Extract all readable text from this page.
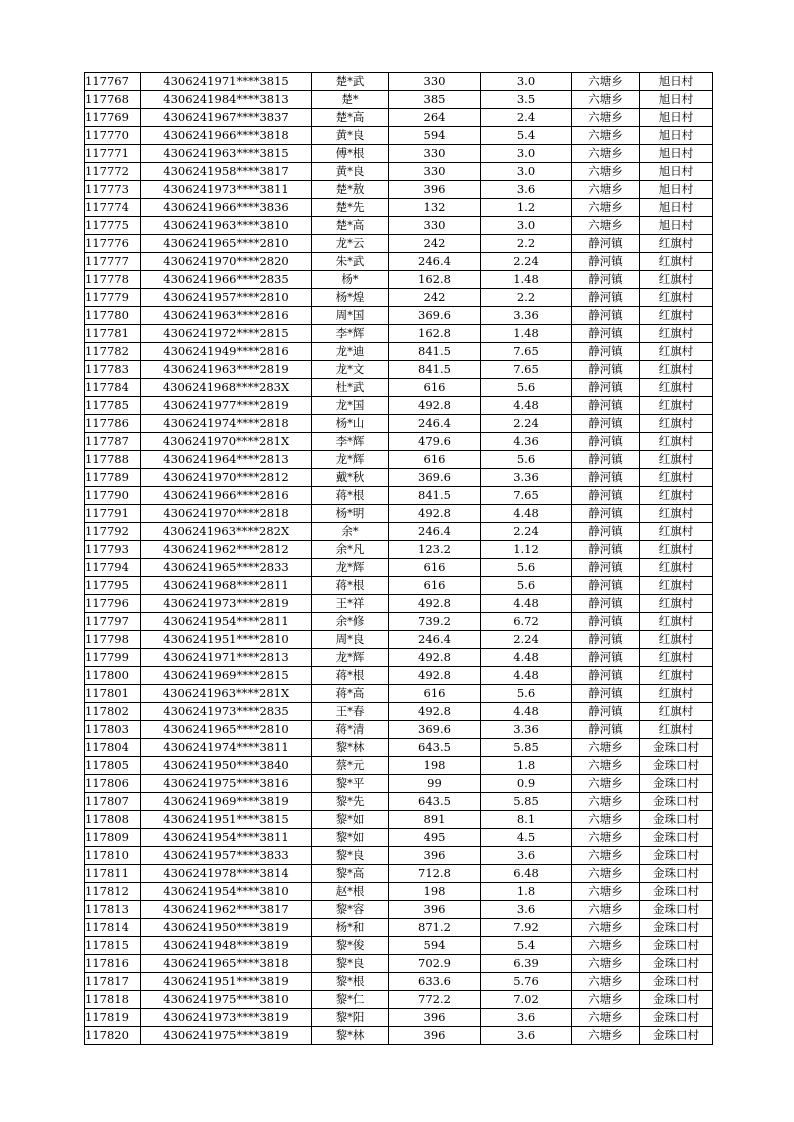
117767	4306241971****3815	楚*武	330	3.0	六塘乡	旭日村
117768	4306241984****3813	楚*	385	3.5	六塘乡	旭日村
117769	4306241967****3837	楚*高	264	2.4	六塘乡	旭日村
117770	4306241966****3818	黄*良	594	5.4	六塘乡	旭日村
117771	4306241963****3815	傅*根	330	3.0	六塘乡	旭日村
117772	4306241958****3817	黄*良	330	3.0	六塘乡	旭日村
117773	4306241973****3811	楚*敖	396	3.6	六塘乡	旭日村
117774	4306241966****3836	楚*先	132	1.2	六塘乡	旭日村
117775	4306241963****3810	楚*高	330	3.0	六塘乡	旭日村
117776	4306241965****2810	龙*云	242	2.2	静河镇	红旗村
117777	4306241970****2820	朱*武	246.4	2.24	静河镇	红旗村
117778	4306241966****2835	杨*	162.8	1.48	静河镇	红旗村
117779	4306241957****2810	杨*煌	242	2.2	静河镇	红旗村
117780	4306241963****2816	周*国	369.6	3.36	静河镇	红旗村
117781	4306241972****2815	李*辉	162.8	1.48	静河镇	红旗村
117782	4306241949****2816	龙*迪	841.5	7.65	静河镇	红旗村
117783	4306241963****2819	龙*文	841.5	7.65	静河镇	红旗村
117784	4306241968****283X	杜*武	616	5.6	静河镇	红旗村
117785	4306241977****2819	龙*国	492.8	4.48	静河镇	红旗村
117786	4306241974****2818	杨*山	246.4	2.24	静河镇	红旗村
117787	4306241970****281X	李*辉	479.6	4.36	静河镇	红旗村
117788	4306241964****2813	龙*辉	616	5.6	静河镇	红旗村
117789	4306241970****2812	戴*秋	369.6	3.36	静河镇	红旗村
117790	4306241966****2816	蒋*根	841.5	7.65	静河镇	红旗村
117791	4306241970****2818	杨*明	492.8	4.48	静河镇	红旗村
117792	4306241963****282X	余*	246.4	2.24	静河镇	红旗村
117793	4306241962****2812	余*凡	123.2	1.12	静河镇	红旗村
117794	4306241965****2833	龙*辉	616	5.6	静河镇	红旗村
117795	4306241968****2811	蒋*根	616	5.6	静河镇	红旗村
117796	4306241973****2819	王*祥	492.8	4.48	静河镇	红旗村
117797	4306241954****2811	余*修	739.2	6.72	静河镇	红旗村
117798	4306241951****2810	周*良	246.4	2.24	静河镇	红旗村
117799	4306241971****2813	龙*辉	492.8	4.48	静河镇	红旗村
117800	4306241969****2815	蒋*根	492.8	4.48	静河镇	红旗村
117801	4306241963****281X	蒋*高	616	5.6	静河镇	红旗村
117802	4306241973****2835	王*春	492.8	4.48	静河镇	红旗村
117803	4306241965****2810	蒋*清	369.6	3.36	静河镇	红旗村
117804	4306241974****3811	黎*林	643.5	5.85	六塘乡	金珠口村
117805	4306241950****3840	蔡*元	198	1.8	六塘乡	金珠口村
117806	4306241975****3816	黎*平	99	0.9	六塘乡	金珠口村
117807	4306241969****3819	黎*先	643.5	5.85	六塘乡	金珠口村
117808	4306241951****3815	黎*如	891	8.1	六塘乡	金珠口村
117809	4306241954****3811	黎*如	495	4.5	六塘乡	金珠口村
117810	4306241957****3833	黎*良	396	3.6	六塘乡	金珠口村
117811	4306241978****3814	黎*高	712.8	6.48	六塘乡	金珠口村
117812	4306241954****3810	赵*根	198	1.8	六塘乡	金珠口村
117813	4306241962****3817	黎*容	396	3.6	六塘乡	金珠口村
117814	4306241950****3819	杨*和	871.2	7.92	六塘乡	金珠口村
117815	4306241948****3819	黎*俊	594	5.4	六塘乡	金珠口村
117816	4306241965****3818	黎*良	702.9	6.39	六塘乡	金珠口村
117817	4306241951****3819	黎*根	633.6	5.76	六塘乡	金珠口村
117818	4306241975****3810	黎*仁	772.2	7.02	六塘乡	金珠口村
117819	4306241973****3819	黎*阳	396	3.6	六塘乡	金珠口村
117820	4306241975****3819	黎*林	396	3.6	六塘乡	金珠口村
